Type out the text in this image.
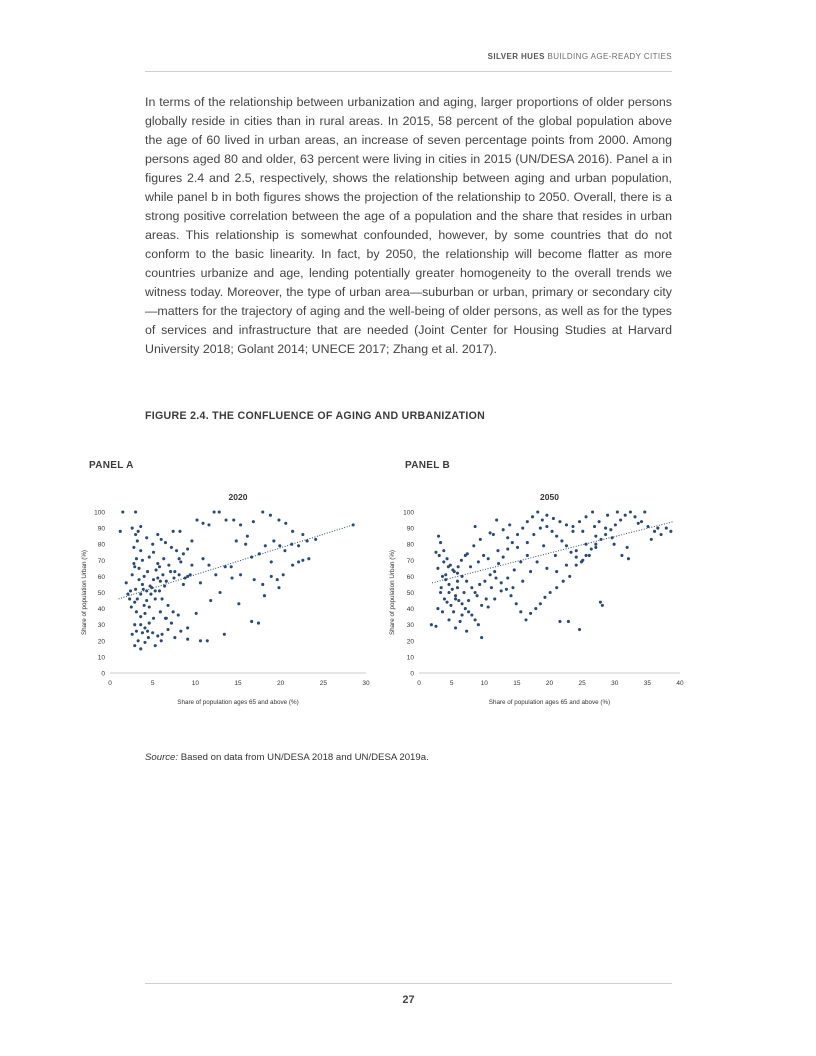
SILVER HUES BUILDING AGE-READY CITIES

In terms of the relationship between urbanization and aging, larger proportions of older persons globally reside in cities than in rural areas. In 2015, 58 percent of the global population above the age of 60 lived in urban areas, an increase of seven percentage points from 2000. Among persons aged 80 and older, 63 percent were living in cities in 2015 (UN/DESA 2016). Panel a in figures 2.4 and 2.5, respectively, shows the relationship between aging and urban population, while panel b in both figures shows the projection of the relationship to 2050. Overall, there is a strong positive correlation between the age of a population and the share that resides in urban areas. This relationship is somewhat confounded, however, by some countries that do not conform to the basic linearity. In fact, by 2050, the relationship will become flatter as more countries urbanize and age, lending potentially greater homogeneity to the overall trends we witness today. Moreover, the type of urban area—suburban or urban, primary or secondary city—matters for the trajectory of aging and the well-being of older persons, as well as for the types of services and infrastructure that are needed (Joint Center for Housing Studies at Harvard University 2018; Golant 2014; UNECE 2017; Zhang et al. 2017).

FIGURE 2.4. THE CONFLUENCE OF AGING AND URBANIZATION
PANEL A	PANEL B
2020
0
10
20
30
40
50
60
70
80
90
100
0	5	10	15	20	25	30
Share of population ages 65 and above (%)
Share of population Urban (%)
2050
0
10
20
30
40
50
60
70
80
90
100
0	5	10	15	20	25	30	35	40
Share of population ages 65 and above (%)
Share of population Urban (%)
Source: Based on data from UN/DESA 2018 and UN/DESA 2019a.
27
